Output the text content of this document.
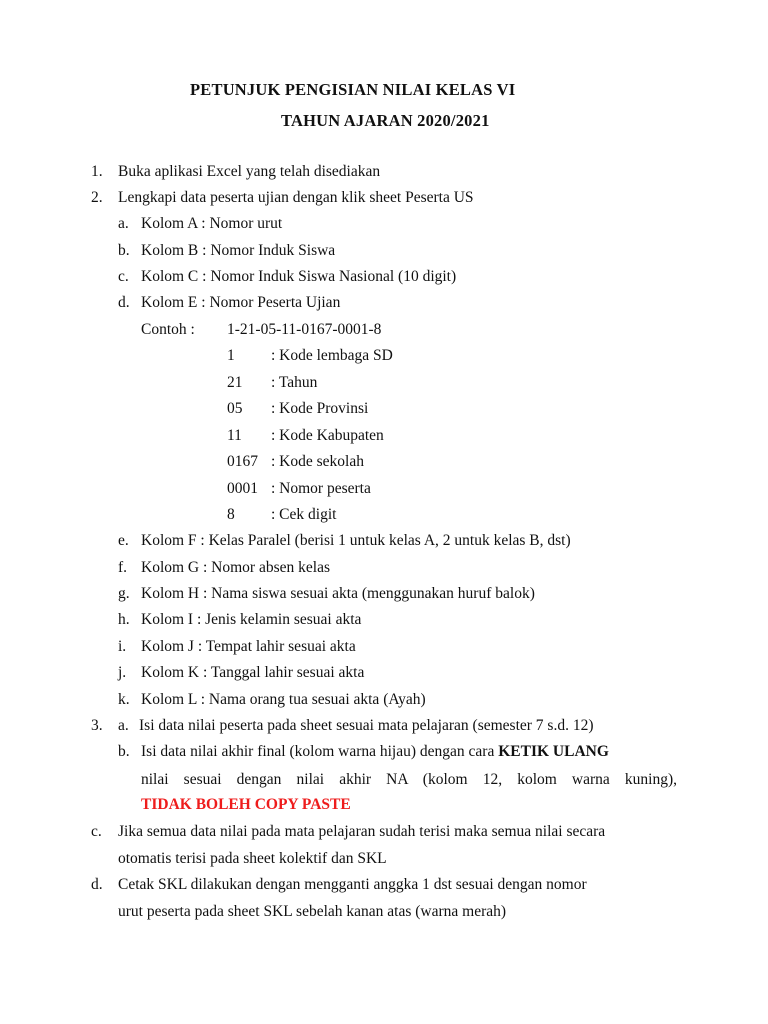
PETUNJUK PENGISIAN NILAI KELAS VI
TAHUN AJARAN 2020/2021
1. Buka aplikasi Excel yang telah disediakan
2. Lengkapi data peserta ujian dengan klik sheet Peserta US
a. Kolom A : Nomor urut
b. Kolom B : Nomor Induk Siswa
c. Kolom C : Nomor Induk Siswa Nasional (10 digit)
d. Kolom E : Nomor Peserta Ujian
Contoh : 1-21-05-11-0167-0001-8
1 : Kode lembaga SD
21 : Tahun
05 : Kode Provinsi
11 : Kode Kabupaten
0167 : Kode sekolah
0001 : Nomor peserta
8 : Cek digit
e. Kolom F : Kelas Paralel (berisi 1 untuk kelas A, 2 untuk kelas B, dst)
f. Kolom G : Nomor absen kelas
g. Kolom H : Nama siswa sesuai akta (menggunakan huruf balok)
h. Kolom I : Jenis kelamin sesuai akta
i. Kolom J : Tempat lahir sesuai akta
j. Kolom K : Tanggal lahir sesuai akta
k. Kolom L : Nama orang tua sesuai akta (Ayah)
3. a. Isi data nilai peserta pada sheet sesuai mata pelajaran (semester 7 s.d. 12)
b. Isi data nilai akhir final (kolom warna hijau) dengan cara KETIK ULANG
nilai sesuai dengan nilai akhir NA (kolom 12, kolom warna kuning),
TIDAK BOLEH COPY PASTE
c. Jika semua data nilai pada mata pelajaran sudah terisi maka semua nilai secara
otomatis terisi pada sheet kolektif dan SKL
d. Cetak SKL dilakukan dengan mengganti anggka 1 dst sesuai dengan nomor
urut peserta pada sheet SKL sebelah kanan atas (warna merah)
